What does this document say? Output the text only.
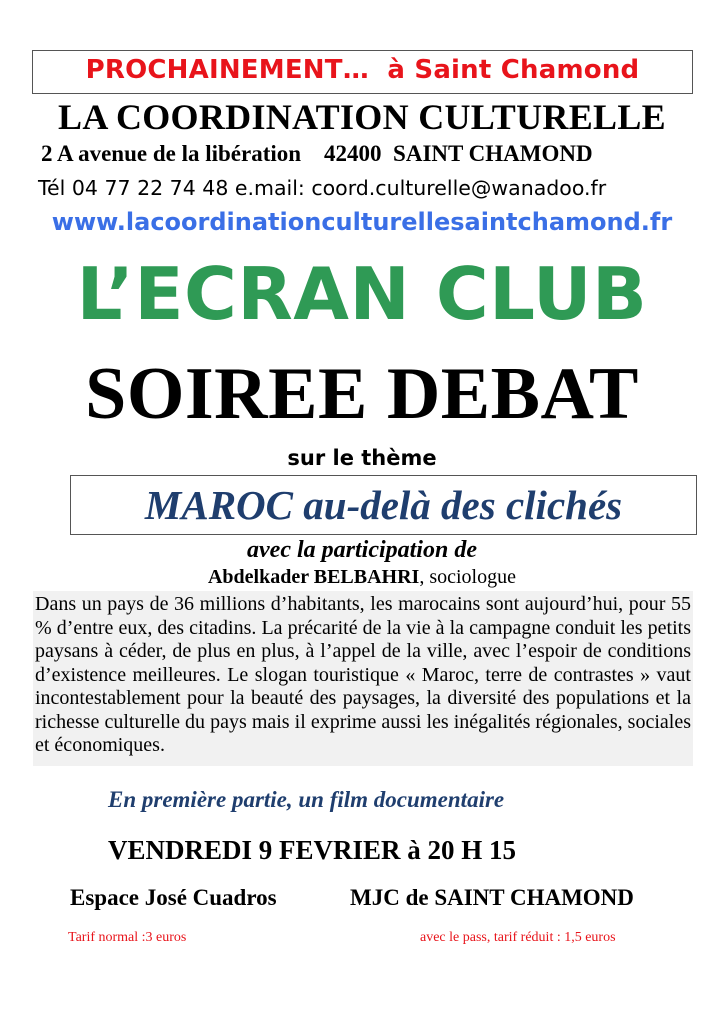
PROCHAINEMENT…  à Saint Chamond
LA COORDINATION CULTURELLE
2 A avenue de la libération    42400  SAINT CHAMOND
Tél 04 77 22 74 48 e.mail: coord.culturelle@wanadoo.fr
www.lacoordinationculturellesaintchamond.fr
L’ECRAN CLUB
SOIREE DEBAT
sur le thème
MAROC au-delà des clichés
avec la participation de
Abdelkader BELBAHRI, sociologue
Dans un pays de 36 millions d’habitants, les marocains sont aujourd’hui, pour 55 % d’entre eux, des citadins. La précarité de la vie à la campagne conduit les petits paysans à céder, de plus en plus, à l’appel de la ville, avec l’espoir de conditions d’existence meilleures. Le slogan touristique « Maroc, terre de contrastes » vaut incontestablement pour la beauté des paysages, la diversité des populations et la richesse culturelle du pays mais il exprime aussi les inégalités régionales, sociales et économiques.
En première partie, un film documentaire
VENDREDI 9 FEVRIER à 20 H 15
Espace José Cuadros	MJC de SAINT CHAMOND
Tarif normal :3 euros	avec le pass, tarif réduit : 1,5 euros
